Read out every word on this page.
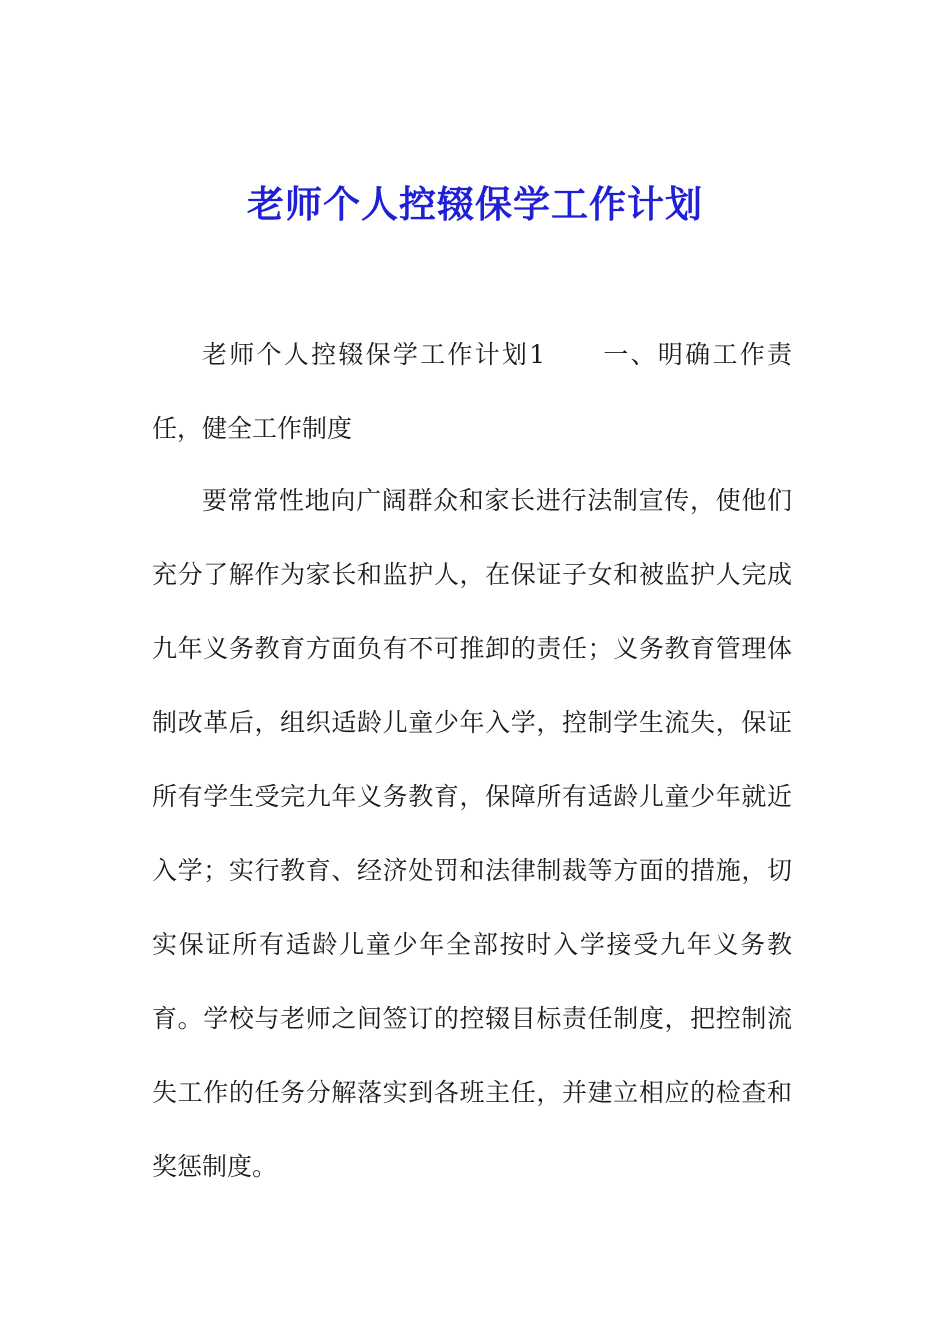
老师个人控辍保学工作计划

老师个人控辍保学工作计划1 一、明确工作责任，健全工作制度

要常常性地向广阔群众和家长进行法制宣传，使他们充分了解作为家长和监护人，在保证子女和被监护人完成九年义务教育方面负有不可推卸的责任；义务教育管理体制改革后，组织适龄儿童少年入学，控制学生流失，保证所有学生受完九年义务教育，保障所有适龄儿童少年就近入学；实行教育、经济处罚和法律制裁等方面的措施，切实保证所有适龄儿童少年全部按时入学接受九年义务教育。学校与老师之间签订的控辍目标责任制度，把控制流失工作的任务分解落实到各班主任，并建立相应的检查和奖惩制度。
